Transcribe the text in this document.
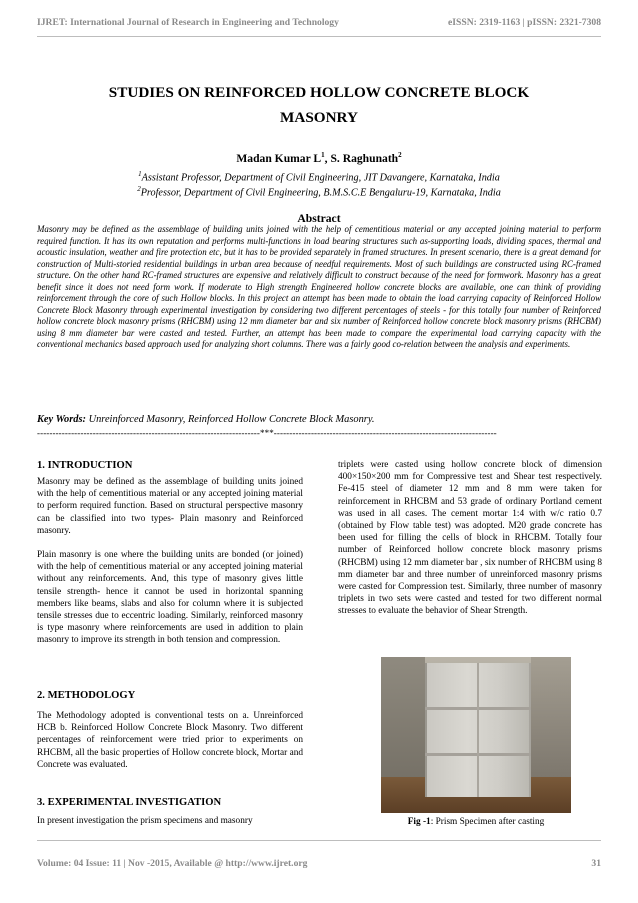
IJRET: International Journal of Research in Engineering and Technology	eISSN: 2319-1163 | pISSN: 2321-7308
STUDIES ON REINFORCED HOLLOW CONCRETE BLOCK
MASONRY
Madan Kumar $L^1$, S. Raghunath$^2$
$^1$Assistant Professor, Department of Civil Engineering, JIT Davangere, Karnataka, India
$^2$Professor, Department of Civil Engineering, B.M.S.C.E Bengaluru-19, Karnataka, India
Abstract
Masonry may be defined as the assemblage of building units joined with the help of cementitious material or any accepted joining material to perform required function. It has its own reputation and performs multi-functions in load bearing structures such as-supporting loads, dividing spaces, thermal and acoustic insulation, weather and fire protection etc, but it has to be provided separately in framed structures. In present scenario, there is a great demand for construction of Multi-storied residential buildings in urban area because of needful requirements. Most of such buildings are constructed using RC-framed structure. On the other hand RC-framed structures are expensive and relatively difficult to construct because of the need for formwork. Masonry has a great benefit since it does not need form work. If moderate to High strength Engineered hollow concrete blocks are available, one can think of providing reinforcement through the core of such Hollow blocks. In this project an attempt has been made to obtain the load carrying capacity of Reinforced Hollow Concrete Block Masonry through experimental investigation by considering two different percentages of steels - for this totally four number of Reinforced hollow concrete block masonry prisms (RHCBM) using 12 mm diameter bar and six number of Reinforced hollow concrete block masonry prisms (RHCBM) using 8 mm diameter bar were casted and tested. Further, an attempt has been made to compare the experimental load carrying capacity with the conventional mechanics based approach used for analyzing short columns. There was a fairly good co-relation between the analysis and experiments.
Key Words: Unreinforced Masonry, Reinforced Hollow Concrete Block Masonry.
------------------------------------------------------------------------***------------------------------------------------------------------------
1. INTRODUCTION

Masonry may be defined as the assemblage of building units joined with the help of cementitious material or any accepted joining material to perform required function. Based on structural perspective masonry can be classified into two types- Plain masonry and Reinforced masonry.

Plain masonry is one where the building units are bonded (or joined) with the help of cementitious material or any accepted joining material without any reinforcements. And, this type of masonry gives little tensile strength- hence it cannot be used in horizontal spanning members like beams, slabs and also for column where it is subjected tensile stresses due to eccentric loading. Similarly, reinforced masonry is type masonry where reinforcements are used in addition to plain masonry to improve its strength in both tension and compression.

2. METHODOLOGY

The Methodology adopted is conventional tests on a. Unreinforced HCB b. Reinforced Hollow Concrete Block Masonry. Two different percentages of reinforcement were tried prior to experiments on RHCBM, all the basic properties of Hollow concrete block, Mortar and Concrete was evaluated.

3. EXPERIMENTAL INVESTIGATION

In present investigation the prism specimens and masonry

triplets were casted using hollow concrete block of dimension 400×150×200 mm for Compressive test and Shear test respectively. Fe-415 steel of diameter 12 mm and 8 mm were taken for reinforcement in RHCBM and 53 grade of ordinary Portland cement was used in all cases. The cement mortar 1:4 with w/c ratio 0.7 (obtained by Flow table test) was adopted. M20 grade concrete has been used for filling the cells of block in RHCBM. Totally four number of Reinforced hollow concrete block masonry prisms (RHCBM) using 12 mm diameter bar , six number of RHCBM using 8 mm diameter bar and three number of unreinforced masonry prisms were casted for Compression test. Similarly, three number of masonry triplets in two sets were casted and tested for two different normal stresses to evaluate the behavior of Shear Strength.

Fig -1: Prism Specimen after casting
Volume: 04 Issue: 11 | Nov -2015, Available @ http://www.ijret.org	31
